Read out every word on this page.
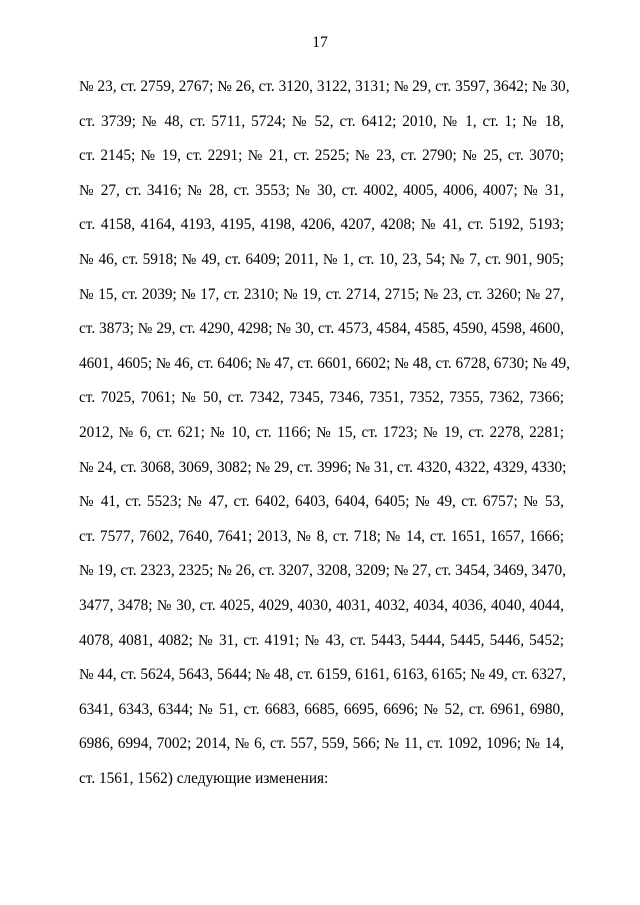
17
№ 23, ст. 2759, 2767; № 26, ст. 3120, 3122, 3131; № 29, ст. 3597, 3642; № 30,
ст. 3739; № 48, ст. 5711, 5724; № 52, ст. 6412; 2010, № 1, ст. 1; № 18,
ст. 2145; № 19, ст. 2291; № 21, ст. 2525; № 23, ст. 2790; № 25, ст. 3070;
№ 27, ст. 3416; № 28, ст. 3553; № 30, ст. 4002, 4005, 4006, 4007; № 31,
ст. 4158, 4164, 4193, 4195, 4198, 4206, 4207, 4208; № 41, ст. 5192, 5193;
№ 46, ст. 5918; № 49, ст. 6409; 2011, № 1, ст. 10, 23, 54; № 7, ст. 901, 905;
№ 15, ст. 2039; № 17, ст. 2310; № 19, ст. 2714, 2715; № 23, ст. 3260; № 27,
ст. 3873; № 29, ст. 4290, 4298; № 30, ст. 4573, 4584, 4585, 4590, 4598, 4600,
4601, 4605; № 46, ст. 6406; № 47, ст. 6601, 6602; № 48, ст. 6728, 6730; № 49,
ст. 7025, 7061; № 50, ст. 7342, 7345, 7346, 7351, 7352, 7355, 7362, 7366;
2012, № 6, ст. 621; № 10, ст. 1166; № 15, ст. 1723; № 19, ст. 2278, 2281;
№ 24, ст. 3068, 3069, 3082; № 29, ст. 3996; № 31, ст. 4320, 4322, 4329, 4330;
№ 41, ст. 5523; № 47, ст. 6402, 6403, 6404, 6405; № 49, ст. 6757; № 53,
ст. 7577, 7602, 7640, 7641; 2013, № 8, ст. 718; № 14, ст. 1651, 1657, 1666;
№ 19, ст. 2323, 2325; № 26, ст. 3207, 3208, 3209; № 27, ст. 3454, 3469, 3470,
3477, 3478; № 30, ст. 4025, 4029, 4030, 4031, 4032, 4034, 4036, 4040, 4044,
4078, 4081, 4082; № 31, ст. 4191; № 43, ст. 5443, 5444, 5445, 5446, 5452;
№ 44, ст. 5624, 5643, 5644; № 48, ст. 6159, 6161, 6163, 6165; № 49, ст. 6327,
6341, 6343, 6344; № 51, ст. 6683, 6685, 6695, 6696; № 52, ст. 6961, 6980,
6986, 6994, 7002; 2014, № 6, ст. 557, 559, 566; № 11, ст. 1092, 1096; № 14,
ст. 1561, 1562) следующие изменения:
